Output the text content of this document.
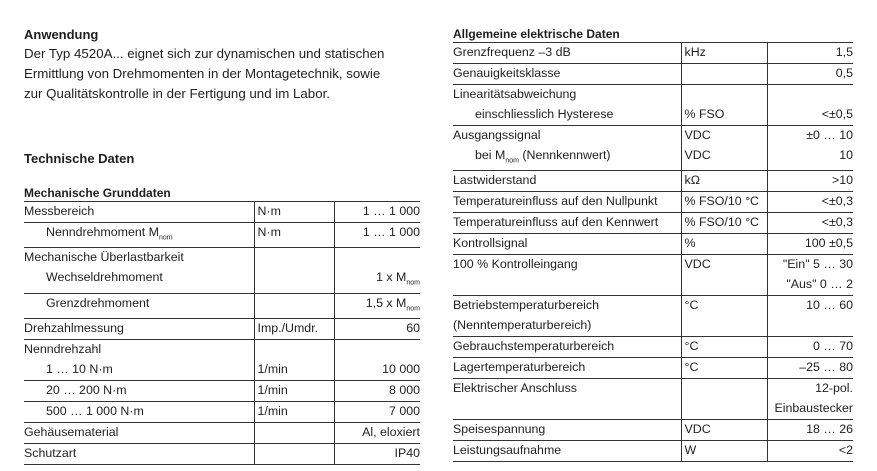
Anwendung

Der Typ 4520A... eignet sich zur dynamischen und statischen
Ermittlung von Drehmomenten in der Montagetechnik, sowie
zur Qualitätskontrolle in der Fertigung und im Labor.

Technische Daten
Mechanische Grunddaten
Messbereich	N·m	1 … 1 000
Nenndrehmoment $M_{nom}$	N·m	1 … 1 000
Mechanische Überlastbarkeit		
Wechseldrehmoment		1 x $M_{nom}$
Grenzdrehmoment		1,5 x $M_{nom}$
Drehzahlmessung	Imp./Umdr.	60
Nenndrehzahl		
1 … 10 N·m	1/min	10 000
20 … 200 N·m	1/min	8 000
500 … 1 000 N·m	1/min	7 000
Gehäusematerial		Al, eloxiert
Schutzart		IP40
Allgemeine elektrische Daten
Grenzfrequenz –3 dB	kHz	1,5
Genauigkeitsklasse		0,5
Linearitätsabweichung		
einschliesslich Hysterese	% FSO	<±0,5
Ausgangssignal	VDC	±0 … 10
bei $M_{nom}$ (Nennkennwert)	VDC	10
Lastwiderstand	kΩ	>10
Temperatureinfluss auf den Nullpunkt	% FSO/10 °C	<±0,3
Temperatureinfluss auf den Kennwert	% FSO/10 °C	<±0,3
Kontrollsignal	%	100 ±0,5
100 % Kontrolleingang	VDC	"Ein" 5 … 30
		"Aus" 0 … 2
Betriebstemperaturbereich	°C	10 … 60
(Nenntemperaturbereich)		
Gebrauchstemperaturbereich	°C	0 … 70
Lagertemperaturbereich	°C	–25 … 80
Elektrischer Anschluss		12-pol.
		Einbaustecker
Speisespannung	VDC	18 … 26
Leistungsaufnahme	W	<2
